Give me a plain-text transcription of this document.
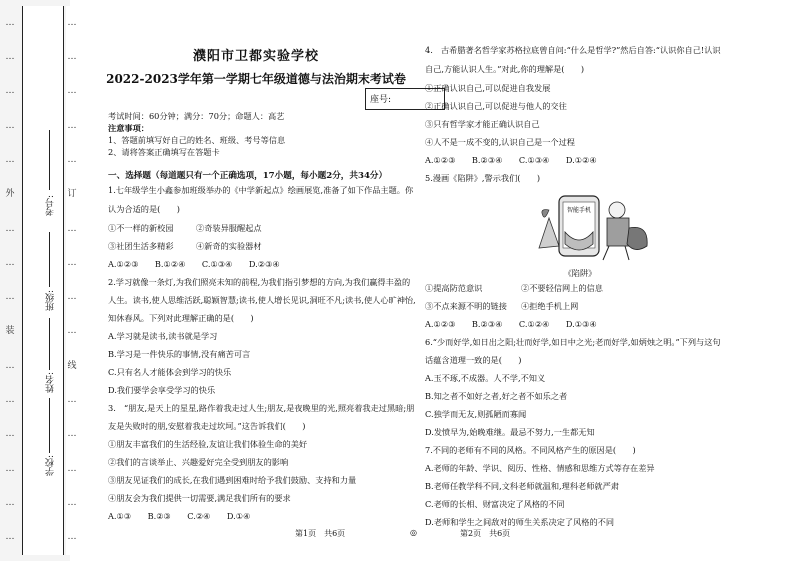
…
…
…
…
…
外
…
…
…
装
…
…
…
…
…
…
…
…
…
…
…
订
…
…
…
…
线
…
…
…
…
…
考号:
班级:
姓名:
学校:
濮阳市卫都实验学校
2022-2023学年第一学期七年级道德与法治期末考试卷
座号:
考试时间：60分钟；满分：70分；命题人：高艺
注意事项：
1、答题前填写好自己的姓名、班级、考号等信息
2、请将答案正确填写在答题卡
一、选择题（每道题只有一个正确选项，17小题，每小题2分，共34分）
1.七年级学生小鑫参加班级举办的《中学新起点》绘画展览,准备了如下作品主题。你
认为合适的是(　　)
①不一样的新校园	②奇装异服醒起点
③社团生活多精彩	④新奇的实验器材
A.①②③　　B.①②④　　C.①③④　　D.②③④
2.学习就像一条灯,为我们照亮未知的前程,为我们指引梦想的方向,为我们赢得丰盈的
人生。读书,使人思维活跃,聪颖智慧;读书,使人增长见识,洞旺不凡;读书,使人心旷神怡,
知休春风。下列对此理解正确的是(　　)
A.学习就是读书,读书就是学习
B.学习是一件快乐的事情,没有痛苦可言
C.只有名人才能体会到学习的快乐
D.我们要学会享受学习的快乐
3.　“朋友,是天上的星星,路作着我走过人生;朋友,是夜晚里的光,照亮着我走过黑暗;朋
友是失败时的朋,安慰着我走过坎坷。”这告诉我们(　　)
①朋友丰富我们的生活经验,友谊让我们体验生命的美好
②我们的言谈举止、兴趣爱好完全受到朋友的影响
③朋友见证我们的成长,在我们遇到困难时给予我们鼓励、支持和力量
④朋友会为我们提供一切需要,满足我们所有的要求
A.①③　　B.②③　　C.②④　　D.①④
第1页　共6页	◎
4.　古希腊著名哲学家苏格拉底曾自问:“什么是哲学?”然后自答:“认识你自己!认识
自己,方能认识人生。”对此,你的理解是(　　)
①正确认识自己,可以促进自我发展
②正确认识自己,可以促进与他人的交往
③只有哲学家才能正确认识自己
④人不是一成不变的,认识自己是一个过程
A.①②③　　B.②③④　　C.①③④　　D.①②④
5.漫画《陷阱》,警示我们(　　)
智能手机
《陷阱》
①提高防范意识	②不要轻信网上的信息
③不点来源不明的链接 ④拒绝手机上网
A.①②③　　B.②③④　　C.①②④　　D.①③④
6.“少而好学,如日出之阳;壮而好学,如日中之光;老而好学,如炳烛之明。”下列与这句
话蕴含道理一致的是(　　)
A.玉不琢,不成器。人不学,不知义
B.知之者不如好之者,好之者不如乐之者
C.独学而无友,则孤陋而寡闻
D.发愤早为,始晚难继。最忌不努力,一生都无知
7.不同的老师有不同的风格。不同风格产生的原因是(　　)
A.老师的年龄、学识、阅历、性格、情感和思维方式等存在差异
B.老师任教学科不同,文科老师就温和,理科老师就严肃
C.老师的长相、财富决定了风格的不同
D.老师和学生之间敌对的师生关系决定了风格的不同
第2页　共6页
